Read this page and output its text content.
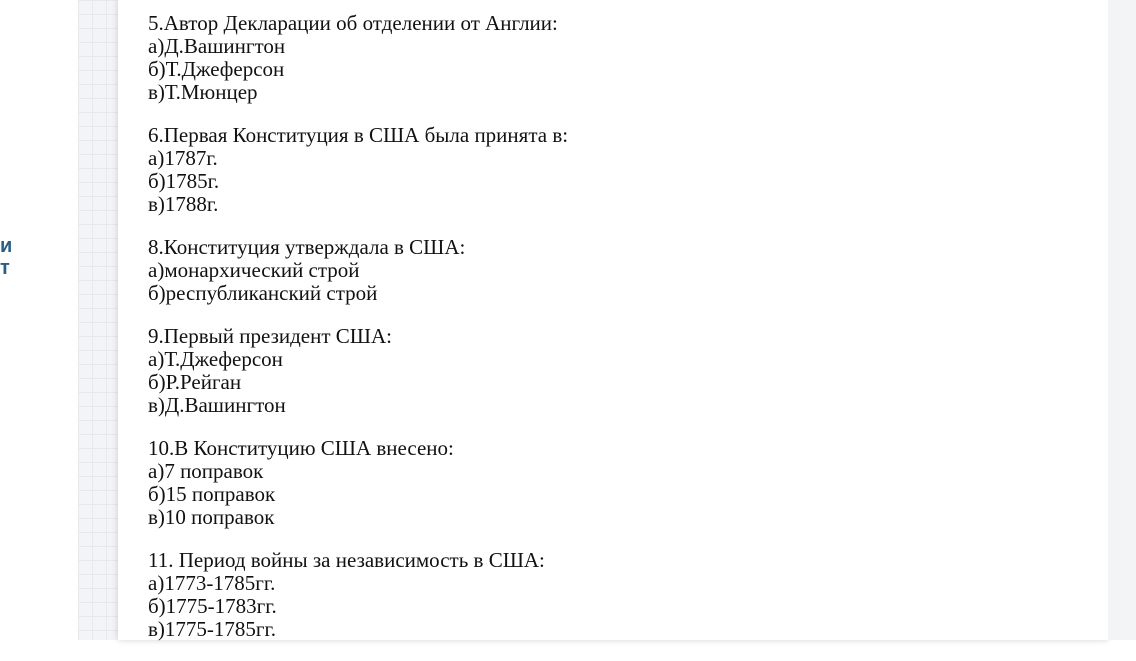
и
т
5.Автор Декларации об отделении от Англии:
а)Д.Вашингтон
б)Т.Джеферсон
в)Т.Мюнцер
6.Первая Конституция в США была принята в:
а)1787г.
б)1785г.
в)1788г.
8.Конституция утверждала в США:
а)монархический строй
б)республиканский строй
9.Первый президент США:
а)Т.Джеферсон
б)Р.Рейган
в)Д.Вашингтон
10.В Конституцию США внесено:
а)7 поправок
б)15 поправок
в)10 поправок
11. Период войны за независимость в США:
а)1773-1785гг.
б)1775-1783гг.
в)1775-1785гг.
